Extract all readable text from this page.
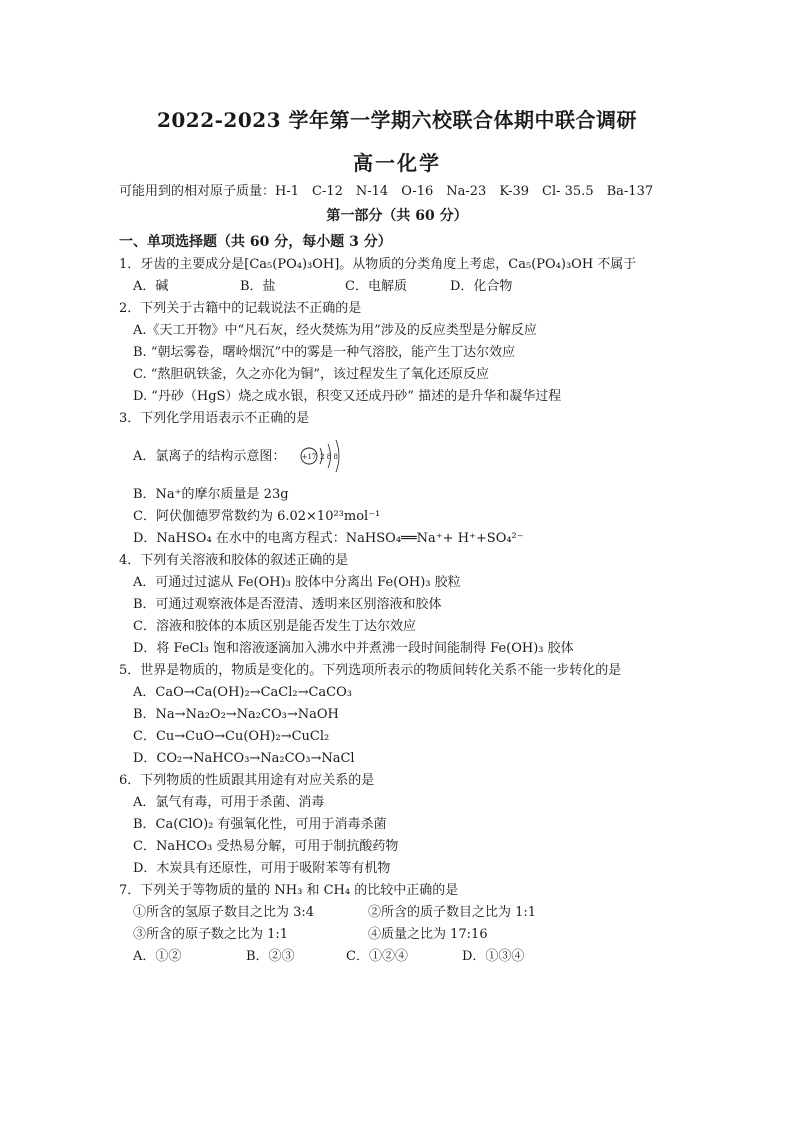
2022-2023 学年第一学期六校联合体期中联合调研
高一化学
可能用到的相对原子质量：H-1　C-12　N-14　O-16　Na-23　K-39　Cl- 35.5　Ba-137
第一部分（共 60 分）
一、单项选择题（共 60 分，每小题 3 分）
1．牙齿的主要成分是[Ca₅(PO₄)₃OH]。从物质的分类角度上考虑，Ca₅(PO₄)₃OH 不属于
A．碱	B．盐	C．电解质	D．化合物
2．下列关于古籍中的记载说法不正确的是
A.《天工开物》中“凡石灰，经火焚炼为用”涉及的反应类型是分解反应
B. “朝坛雾卷，曙岭烟沉”中的雾是一种气溶胶，能产生丁达尔效应
C. “熬胆矾铁釜，久之亦化为铜”，该过程发生了氧化还原反应
D. “丹砂（HgS）烧之成水银，积变又还成丹砂” 描述的是升华和凝华过程
3．下列化学用语表示不正确的是
A．氯离子的结构示意图： +17 2 8 8
B．Na⁺的摩尔质量是 23g
C．阿伏伽德罗常数约为 6.02×10²³mol⁻¹
D．NaHSO₄ 在水中的电离方程式：NaHSO₄══Na⁺+ H⁺+SO₄²⁻
4．下列有关溶液和胶体的叙述正确的是
A．可通过过滤从 Fe(OH)₃ 胶体中分离出 Fe(OH)₃ 胶粒
B．可通过观察液体是否澄清、透明来区别溶液和胶体
C．溶液和胶体的本质区别是能否发生丁达尔效应
D．将 FeCl₃ 饱和溶液逐滴加入沸水中并煮沸一段时间能制得 Fe(OH)₃ 胶体
5．世界是物质的，物质是变化的。下列选项所表示的物质间转化关系不能一步转化的是
A．CaO→Ca(OH)₂→CaCl₂→CaCO₃
B．Na→Na₂O₂→Na₂CO₃→NaOH
C．Cu→CuO→Cu(OH)₂→CuCl₂
D．CO₂→NaHCO₃→Na₂CO₃→NaCl
6．下列物质的性质跟其用途有对应关系的是
A．氯气有毒，可用于杀菌、消毒
B．Ca(ClO)₂ 有强氧化性，可用于消毒杀菌
C．NaHCO₃ 受热易分解，可用于制抗酸药物
D．木炭具有还原性，可用于吸附苯等有机物
7．下列关于等物质的量的 NH₃ 和 CH₄ 的比较中正确的是
①所含的氢原子数目之比为 3:4	②所含的质子数目之比为 1:1
③所含的原子数之比为 1:1	④质量之比为 17:16
A．①②	B．②③	C．①②④	D．①③④
